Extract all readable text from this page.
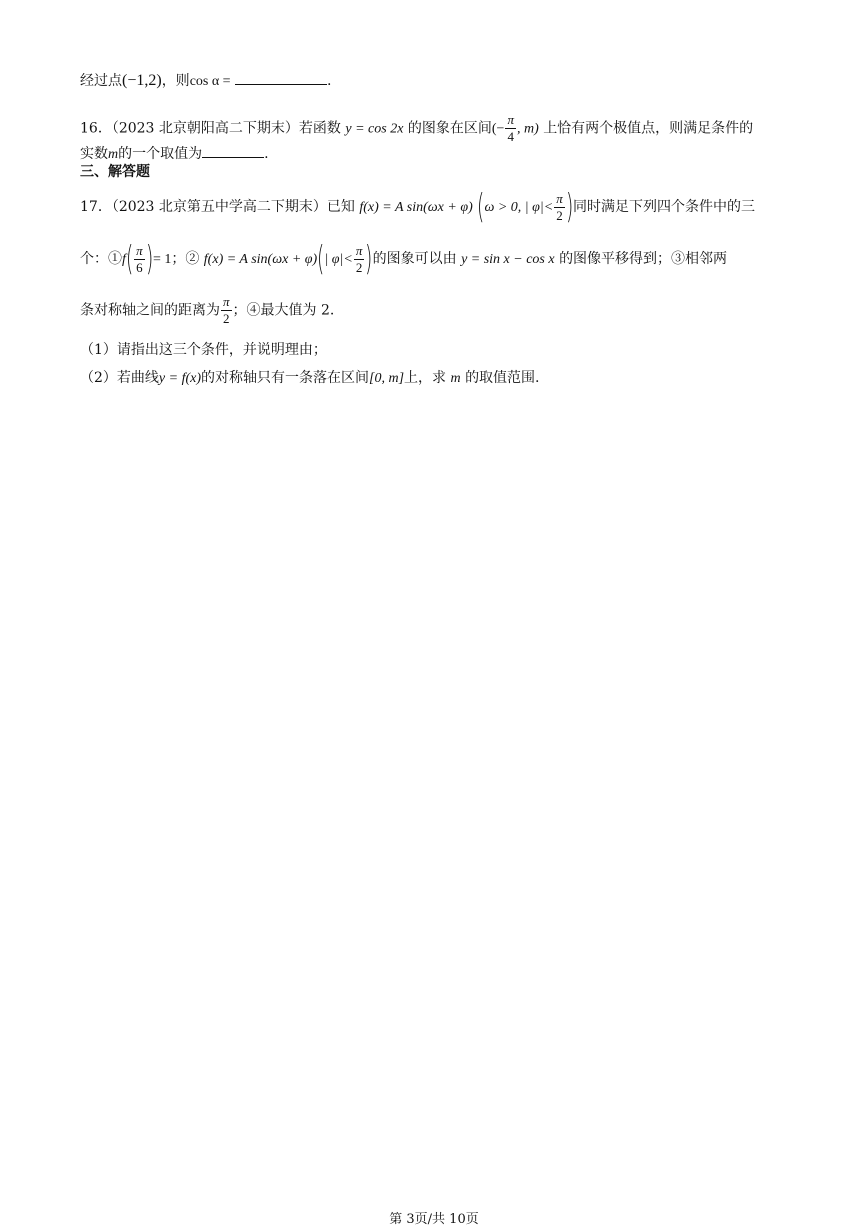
经过点(−1,2)，则cos α =	.
16．（2023 北京朝阳高二下期末）若函数 y = cos 2x 的图象在区间(− $\frac{\pi}{4}$ , m) 上恰有两个极值点，则满足条件的
实数m的一个取值为	.
三、解答题
17．（2023 北京第五中学高二下期末）已知 f(x) = A sin(ωx + φ) (ω > 0, | $\varphi|< \frac{\pi}{2}$ )同时满足下列四个条件中的三
个：①f( $\frac{\pi}{6}$ )= 1；② f(x) = A sin(ωx + φ)(| $\varphi|< \frac{\pi}{2}$ )的图象可以由 y = sin x − cos x 的图像平移得到；③相邻两
条对称轴之间的距离为 $\frac{\pi}{2}$ ；④最大值为 2.
（1）请指出这三个条件，并说明理由；
（2）若曲线y = f(x)的对称轴只有一条落在区间[0, m]上，求 m 的取值范围.
第 3页/共 10页
